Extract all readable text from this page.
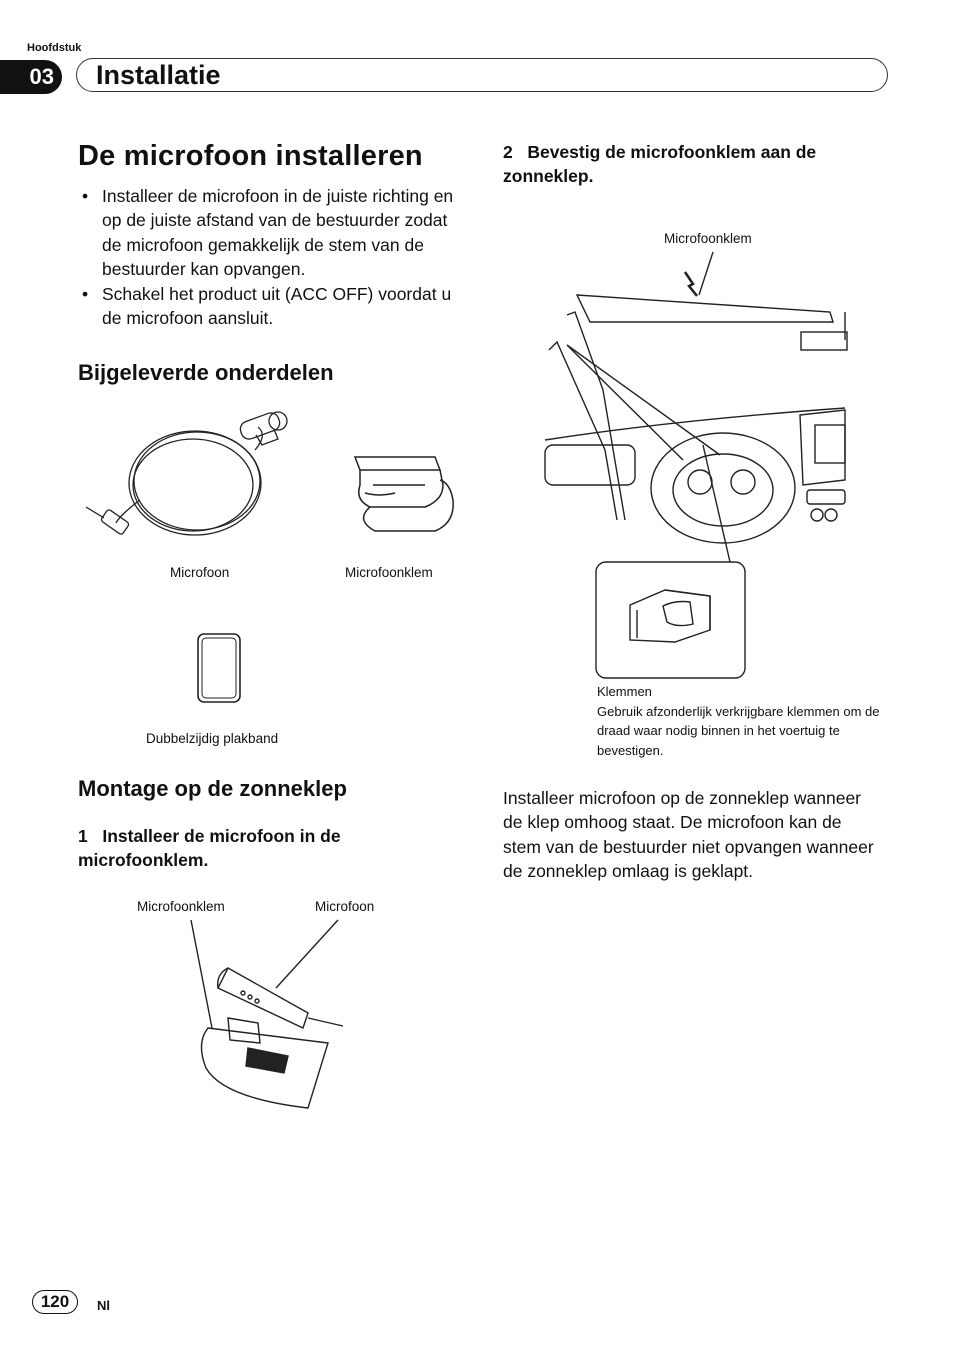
Hoofdstuk
03 Installatie
De microfoon installeren
• Installeer de microfoon in de juiste richting en op de juiste afstand van de bestuurder zodat de microfoon gemakkelijk de stem van de bestuurder kan opvangen.
• Schakel het product uit (ACC OFF) voordat u de microfoon aansluit.
Bijgeleverde onderdelen
Microfoon	Microfoonklem
Dubbelzijdig plakband
Montage op de zonneklep
1 Installeer de microfoon in de microfoonklem.
Microfoonklem	Microfoon
2 Bevestig de microfoonklem aan de zonneklep.
Microfoonklem
Klemmen
Gebruik afzonderlijk verkrijgbare klemmen om de draad waar nodig binnen in het voertuig te bevestigen.
Installeer microfoon op de zonneklep wanneer de klep omhoog staat. De microfoon kan de stem van de bestuurder niet opvangen wanneer de zonneklep omlaag is geklapt.
120	Nl
